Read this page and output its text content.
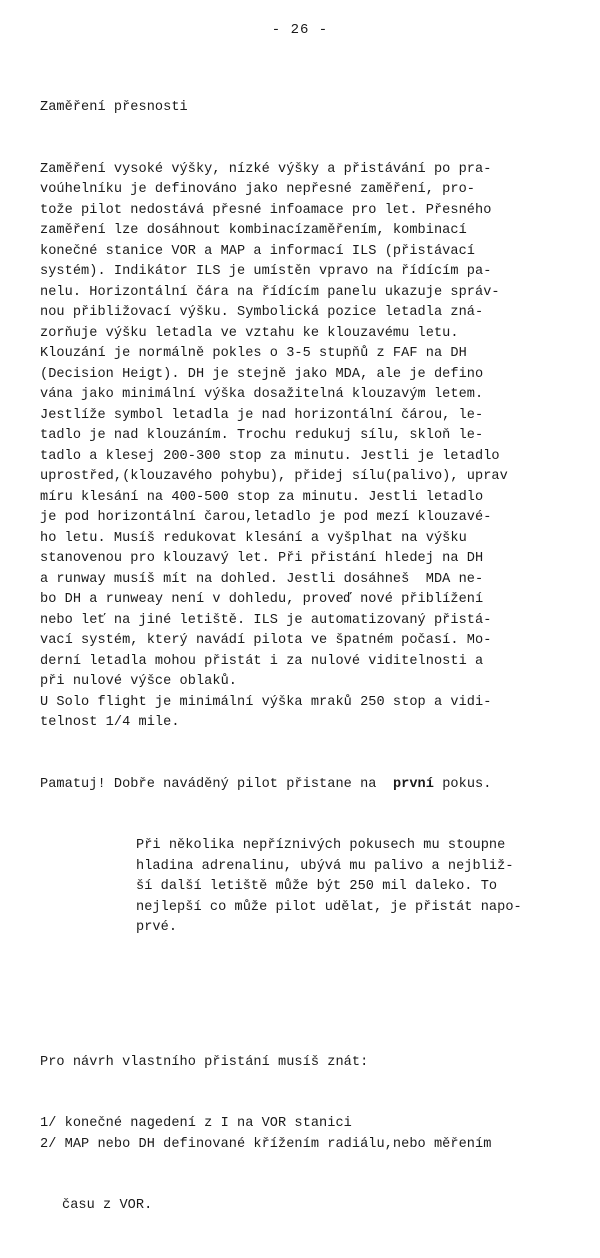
- 26 -

Zaměření přesnosti

Zaměření vysoké výšky, nízké výšky a přistávání po pra-
voúhelníku je definováno jako nepřesné zaměření, pro-
tože pilot nedostává přesné infoamace pro let. Přesného
zaměření lze dosáhnout kombinacízaměřením, kombinací
konečné stanice VOR a MAP a informací ILS (přistávací
systém). Indikátor ILS je umístěn vpravo na řídícím pa-
nelu. Horizontální čára na řídícím panelu ukazuje správ-
nou přibližovací výšku. Symbolická pozice letadla zná-
zorňuje výšku letadla ve vztahu ke klouzavému letu.
Klouzání je normálně pokles o 3-5 stupňů z FAF na DH
(Decision Heigt). DH je stejně jako MDA, ale je defino
vána jako minimální výška dosažitelná klouzavým letem.
Jestlíže symbol letadla je nad horizontální čárou, le-
tadlo je nad klouzáním. Trochu redukuj sílu, skloň le-
tadlo a klesej 200-300 stop za minutu. Jestli je letadlo
uprostřed,(klouzavého pohybu), přidej sílu(palivo), uprav
míru klesání na 400-500 stop za minutu. Jestli letadlo
je pod horizontální čarou,letadlo je pod mezí klouzavé-
ho letu. Musíš redukovat klesání a vyšplhat na výšku
stanovenou pro klouzavý let. Při přistání hledej na DH
a runway musíš mít na dohled. Jestli dosáhneš  MDA ne-
bo DH a runweay není v dohledu, proveď nové přiblížení
nebo leť na jiné letiště. ILS je automatizovaný přistá-
vací systém, který navádí pilota ve špatném počasí. Mo-
derní letadla mohou přistát i za nulové viditelnosti a
při nulové výšce oblaků.
U Solo flight je minimální výška mraků 250 stop a vidi-
telnost 1/4 mile.

Pamatuj! Dobře naváděný pilot přistane na  první pokus.

Při několika nepříznivých pokusech mu stoupne
hladina adrenalinu, ubývá mu palivo a nejbliž-
ší další letiště může být 250 mil daleko. To
nejlepší co může pilot udělat, je přistát napo-
prvé.

Pro návrh vlastního přistání musíš znát:

1/ konečné nagedení z I na VOR stanici
2/ MAP nebo DH definované křížením radiálu,nebo měřením

času z VOR.
